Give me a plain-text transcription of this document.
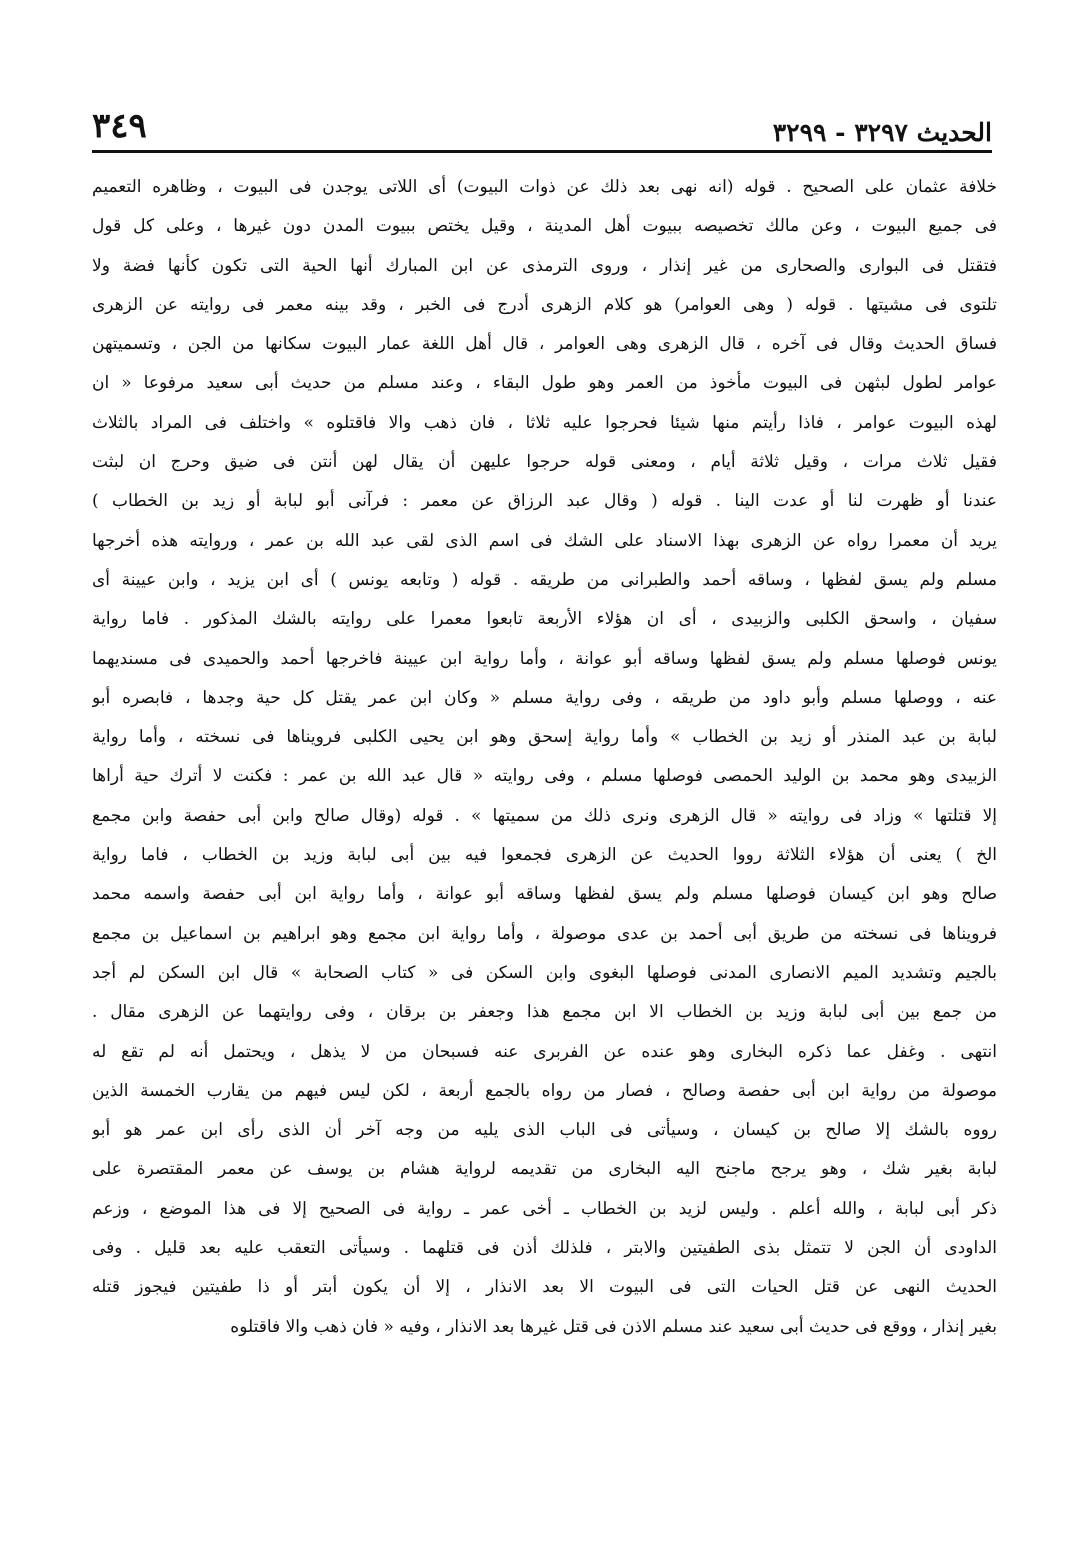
الحديث ٣٢٩٧ - ٣٢٩٩
٣٤٩
خلافة عثمان على الصحيح . قوله (انه نهى بعد ذلك عن ذوات البيوت) أى اللاتى يوجدن فى البيوت ، وظاهره التعميم
فى جميع البيوت ، وعن مالك تخصيصه ببيوت أهل المدينة ، وقيل يختص ببيوت المدن دون غيرها ، وعلى كل قول
فتقتل فى البوارى والصحارى من غير إنذار ، وروى الترمذى عن ابن المبارك أنها الحية التى تكون كأنها فضة ولا
تلتوى فى مشيتها . قوله ( وهى العوامر) هو كلام الزهرى أدرج فى الخبر ، وقد بينه معمر فى روايته عن الزهرى
فساق الحديث وقال فى آخره ، قال الزهرى وهى العوامر ، قال أهل اللغة عمار البيوت سكانها من الجن ، وتسميتهن
عوامر لطول لبثهن فى البيوت مأخوذ من العمر وهو طول البقاء ، وعند مسلم من حديث أبى سعيد مرفوعا « ان
لهذه البيوت عوامر ، فاذا رأيتم منها شيئا فحرجوا عليه ثلاثا ، فان ذهب والا فاقتلوه » واختلف فى المراد بالثلاث
فقيل ثلاث مرات ، وقيل ثلاثة أيام ، ومعنى قوله حرجوا عليهن أن يقال لهن أنتن فى ضيق وحرج ان لبثت
عندنا أو ظهرت لنا أو عدت الينا . قوله ( وقال عبد الرزاق عن معمر : فرآنى أبو لبابة أو زيد بن الخطاب )
يريد أن معمرا رواه عن الزهرى بهذا الاسناد على الشك فى اسم الذى لقى عبد الله بن عمر ، وروايته هذه أخرجها
مسلم ولم يسق لفظها ، وساقه أحمد والطبرانى من طريقه . قوله ( وتابعه يونس ) أى ابن يزيد ، وابن عيينة أى
سفيان ، واسحق الكلبى والزبيدى ، أى ان هؤلاء الأربعة تابعوا معمرا على روايته بالشك المذكور . فاما رواية
يونس فوصلها مسلم ولم يسق لفظها وساقه أبو عوانة ، وأما رواية ابن عيينة فاخرجها أحمد والحميدى فى مسنديهما
عنه ، ووصلها مسلم وأبو داود من طريقه ، وفى رواية مسلم « وكان ابن عمر يقتل كل حية وجدها ، فابصره أبو
لبابة بن عبد المنذر أو زيد بن الخطاب » وأما رواية إسحق وهو ابن يحيى الكلبى فرويناها فى نسخته ، وأما رواية
الزبيدى وهو محمد بن الوليد الحمصى فوصلها مسلم ، وفى روايته « قال عبد الله بن عمر : فكنت لا أترك حية أراها
إلا قتلتها » وزاد فى روايته « قال الزهرى ونرى ذلك من سميتها » . قوله (وقال صالح وابن أبى حفصة وابن مجمع
الخ ) يعنى أن هؤلاء الثلاثة رووا الحديث عن الزهرى فجمعوا فيه بين أبى لبابة وزيد بن الخطاب ، فاما رواية
صالح وهو ابن كيسان فوصلها مسلم ولم يسق لفظها وساقه أبو عوانة ، وأما رواية ابن أبى حفصة واسمه محمد
فرويناها فى نسخته من طريق أبى أحمد بن عدى موصولة ، وأما رواية ابن مجمع وهو ابراهيم بن اسماعيل بن مجمع
بالجيم وتشديد الميم الانصارى المدنى فوصلها البغوى وابن السكن فى « كتاب الصحابة » قال ابن السكن لم أجد
من جمع بين أبى لبابة وزيد بن الخطاب الا ابن مجمع هذا وجعفر بن برقان ، وفى روايتهما عن الزهرى مقال .
انتهى . وغفل عما ذكره البخارى وهو عنده عن الفربرى عنه فسبحان من لا يذهل ، ويحتمل أنه لم تقع له
موصولة من رواية ابن أبى حفصة وصالح ، فصار من رواه بالجمع أربعة ، لكن ليس فيهم من يقارب الخمسة الذين
رووه بالشك إلا صالح بن كيسان ، وسيأتى فى الباب الذى يليه من وجه آخر أن الذى رأى ابن عمر هو أبو
لبابة بغير شك ، وهو يرجح ماجنح اليه البخارى من تقديمه لرواية هشام بن يوسف عن معمر المقتصرة على
ذكر أبى لبابة ، والله أعلم . وليس لزيد بن الخطاب ـ أخى عمر ـ رواية فى الصحيح إلا فى هذا الموضع ، وزعم
الداودى أن الجن لا تتمثل بذى الطفيتين والابتر ، فلذلك أذن فى قتلهما . وسيأتى التعقب عليه بعد قليل . وفى
الحديث النهى عن قتل الحيات التى فى البيوت الا بعد الانذار ، إلا أن يكون أبتر أو ذا طفيتين فيجوز قتله
بغير إنذار ، ووقع فى حديث أبى سعيد عند مسلم الاذن فى قتل غيرها بعد الانذار ، وفيه « فان ذهب والا فاقتلوه
